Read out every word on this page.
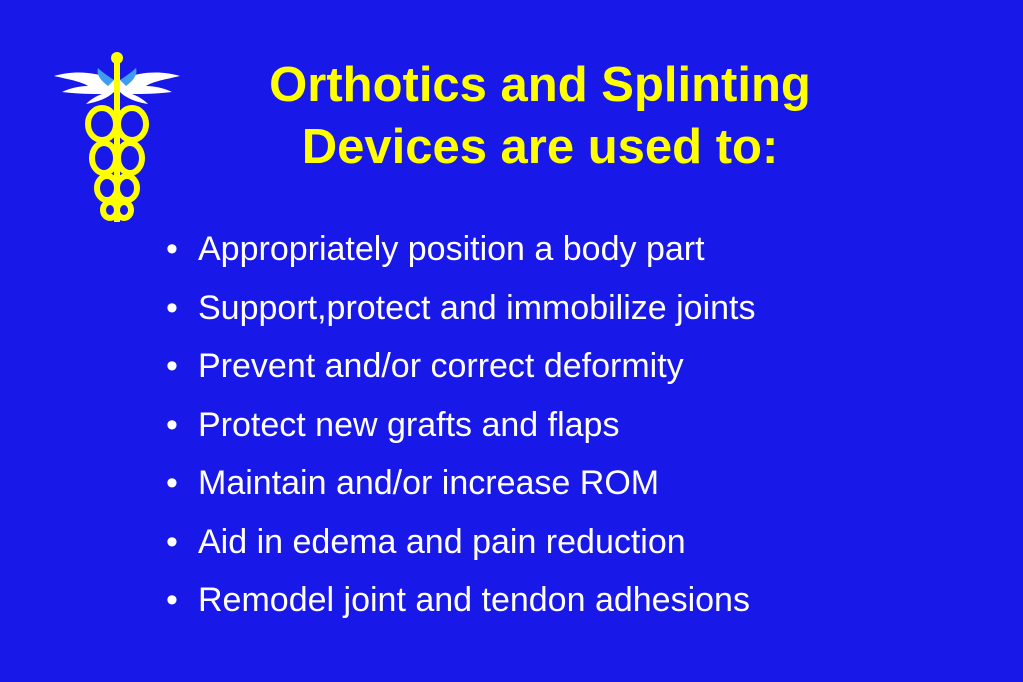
Orthotics and Splinting
Devices are used to:
• Appropriately position a body part
• Support,protect and immobilize joints
• Prevent and/or correct deformity
• Protect new grafts and flaps
• Maintain and/or increase ROM
• Aid in edema and pain reduction
• Remodel joint and tendon adhesions
